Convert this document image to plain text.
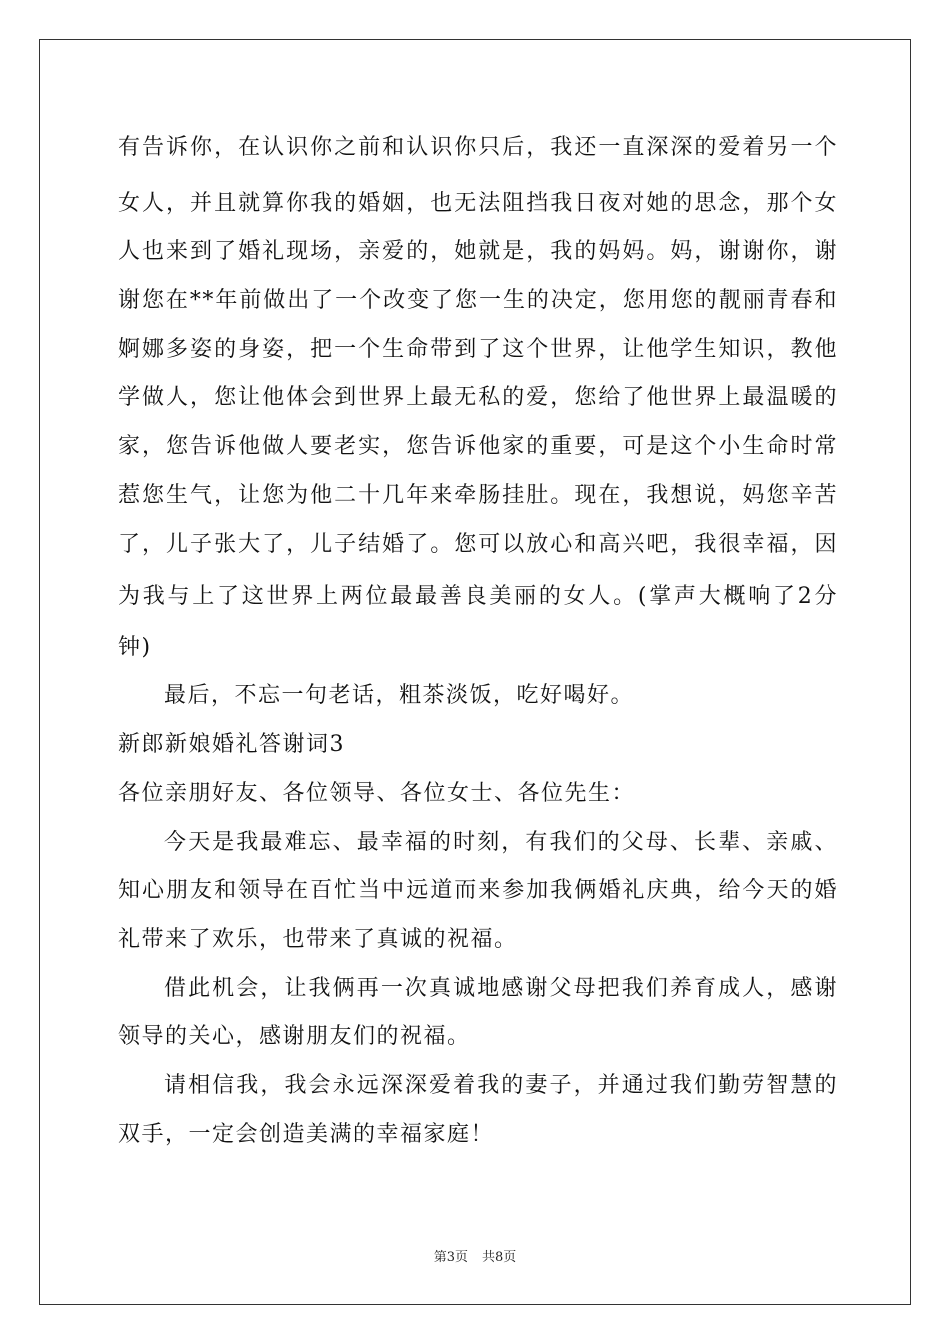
有告诉你，在认识你之前和认识你只后，我还一直深深的爱着另一个
女人，并且就算你我的婚姻，也无法阻挡我日夜对她的思念，那个女
人也来到了婚礼现场，亲爱的，她就是，我的妈妈。妈，谢谢你，谢
谢您在**年前做出了一个改变了您一生的决定，您用您的靓丽青春和
婀娜多姿的身姿，把一个生命带到了这个世界，让他学生知识，教他
学做人，您让他体会到世界上最无私的爱，您给了他世界上最温暖的
家，您告诉他做人要老实，您告诉他家的重要，可是这个小生命时常
惹您生气，让您为他二十几年来牵肠挂肚。现在，我想说，妈您辛苦
了，儿子张大了，儿子结婚了。您可以放心和高兴吧，我很幸福，因
为我与上了这世界上两位最最善良美丽的女人。(掌声大概响了2分
钟)
最后，不忘一句老话，粗茶淡饭，吃好喝好。
新郎新娘婚礼答谢词3
各位亲朋好友、各位领导、各位女士、各位先生：
今天是我最难忘、最幸福的时刻，有我们的父母、长辈、亲戚、
知心朋友和领导在百忙当中远道而来参加我俩婚礼庆典，给今天的婚
礼带来了欢乐，也带来了真诚的祝福。
借此机会，让我俩再一次真诚地感谢父母把我们养育成人，感谢
领导的关心，感谢朋友们的祝福。
请相信我，我会永远深深爱着我的妻子，并通过我们勤劳智慧的
双手，一定会创造美满的幸福家庭！
第3页 共8页
